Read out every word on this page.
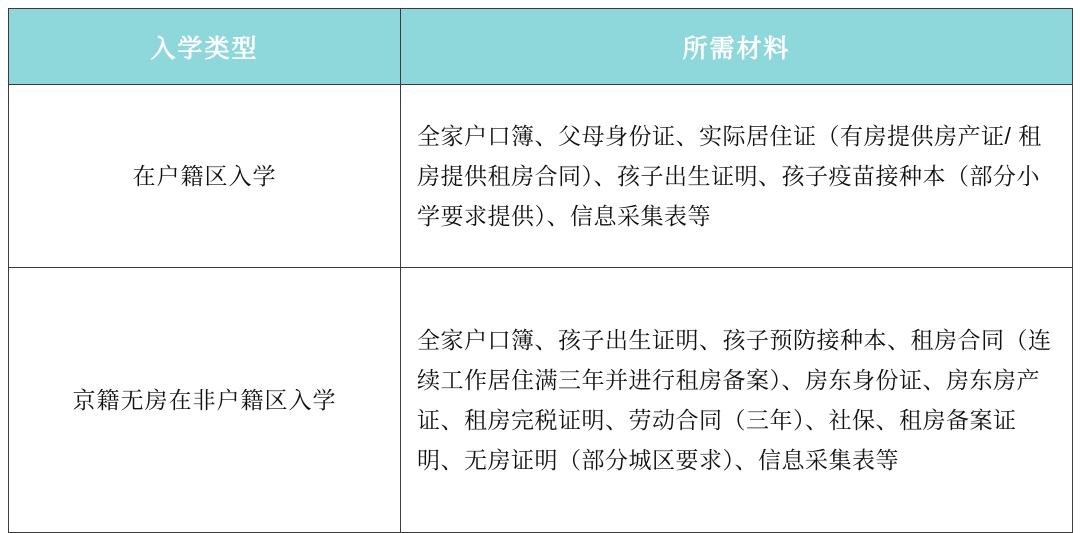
入学类型	所需材料
在户籍区入学	全家户口簿、父母身份证、实际居住证（有房提供房产证/ 租房提供租房合同）、孩子出生证明、孩子疫苗接种本（部分小学要求提供）、信息采集表等
京籍无房在非户籍区入学	全家户口簿、孩子出生证明、孩子预防接种本、租房合同（连续工作居住满三年并进行租房备案）、房东身份证、房东房产证、租房完税证明、劳动合同（三年）、社保、租房备案证明、无房证明（部分城区要求）、信息采集表等
